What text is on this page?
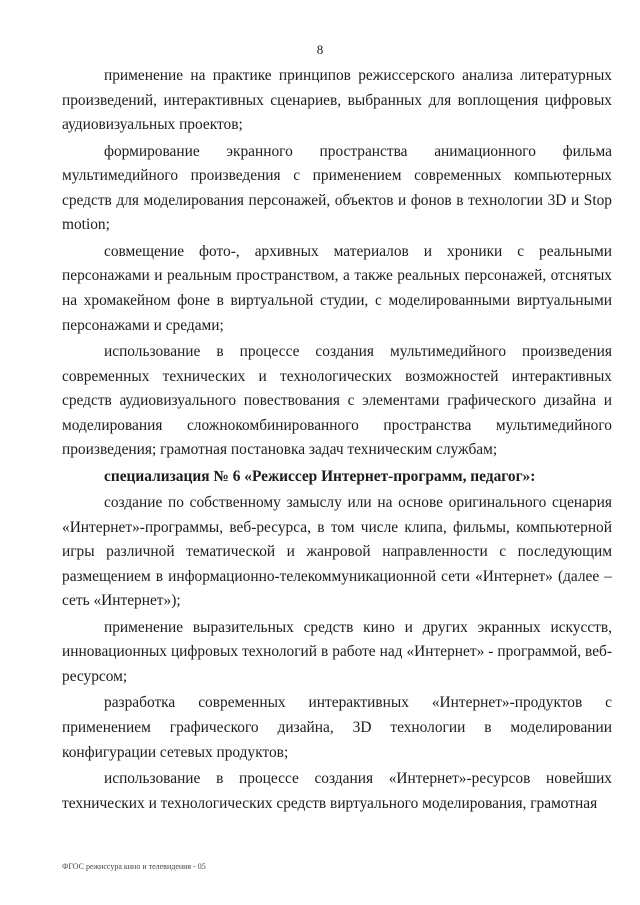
8

применение на практике принципов режиссерского анализа литературных произведений, интерактивных сценариев, выбранных для воплощения цифровых аудиовизуальных проектов;

формирование экранного пространства анимационного фильма мультимедийного произведения с применением современных компьютерных средств для моделирования персонажей, объектов и фонов в технологии 3D и Stop motion;

совмещение фото-, архивных материалов и хроники с реальными персонажами и реальным пространством, а также реальных персонажей, отснятых на хромакейном фоне в виртуальной студии, с моделированными виртуальными персонажами и средами;

использование в процессе создания мультимедийного произведения современных технических и технологических возможностей интерактивных средств аудиовизуального повествования с элементами графического дизайна и моделирования сложнокомбинированного пространства мультимедийного произведения; грамотная постановка задач техническим службам;

специализация № 6 «Режиссер Интернет-программ, педагог»:

создание по собственному замыслу или на основе оригинального сценария «Интернет»-программы, веб-ресурса, в том числе клипа, фильмы, компьютерной игры различной тематической и жанровой направленности с последующим размещением в информационно-телекоммуникационной сети «Интернет» (далее – сеть «Интернет»);

применение выразительных средств кино и других экранных искусств, инновационных цифровых технологий в работе над «Интернет» - программой, веб-ресурсом;

разработка современных интерактивных «Интернет»-продуктов с применением графического дизайна, 3D технологии в моделировании конфигурации сетевых продуктов;

использование в процессе создания «Интернет»-ресурсов новейших технических и технологических средств виртуального моделирования, грамотная

ФГОС режиссура кино и телевидения - 05
